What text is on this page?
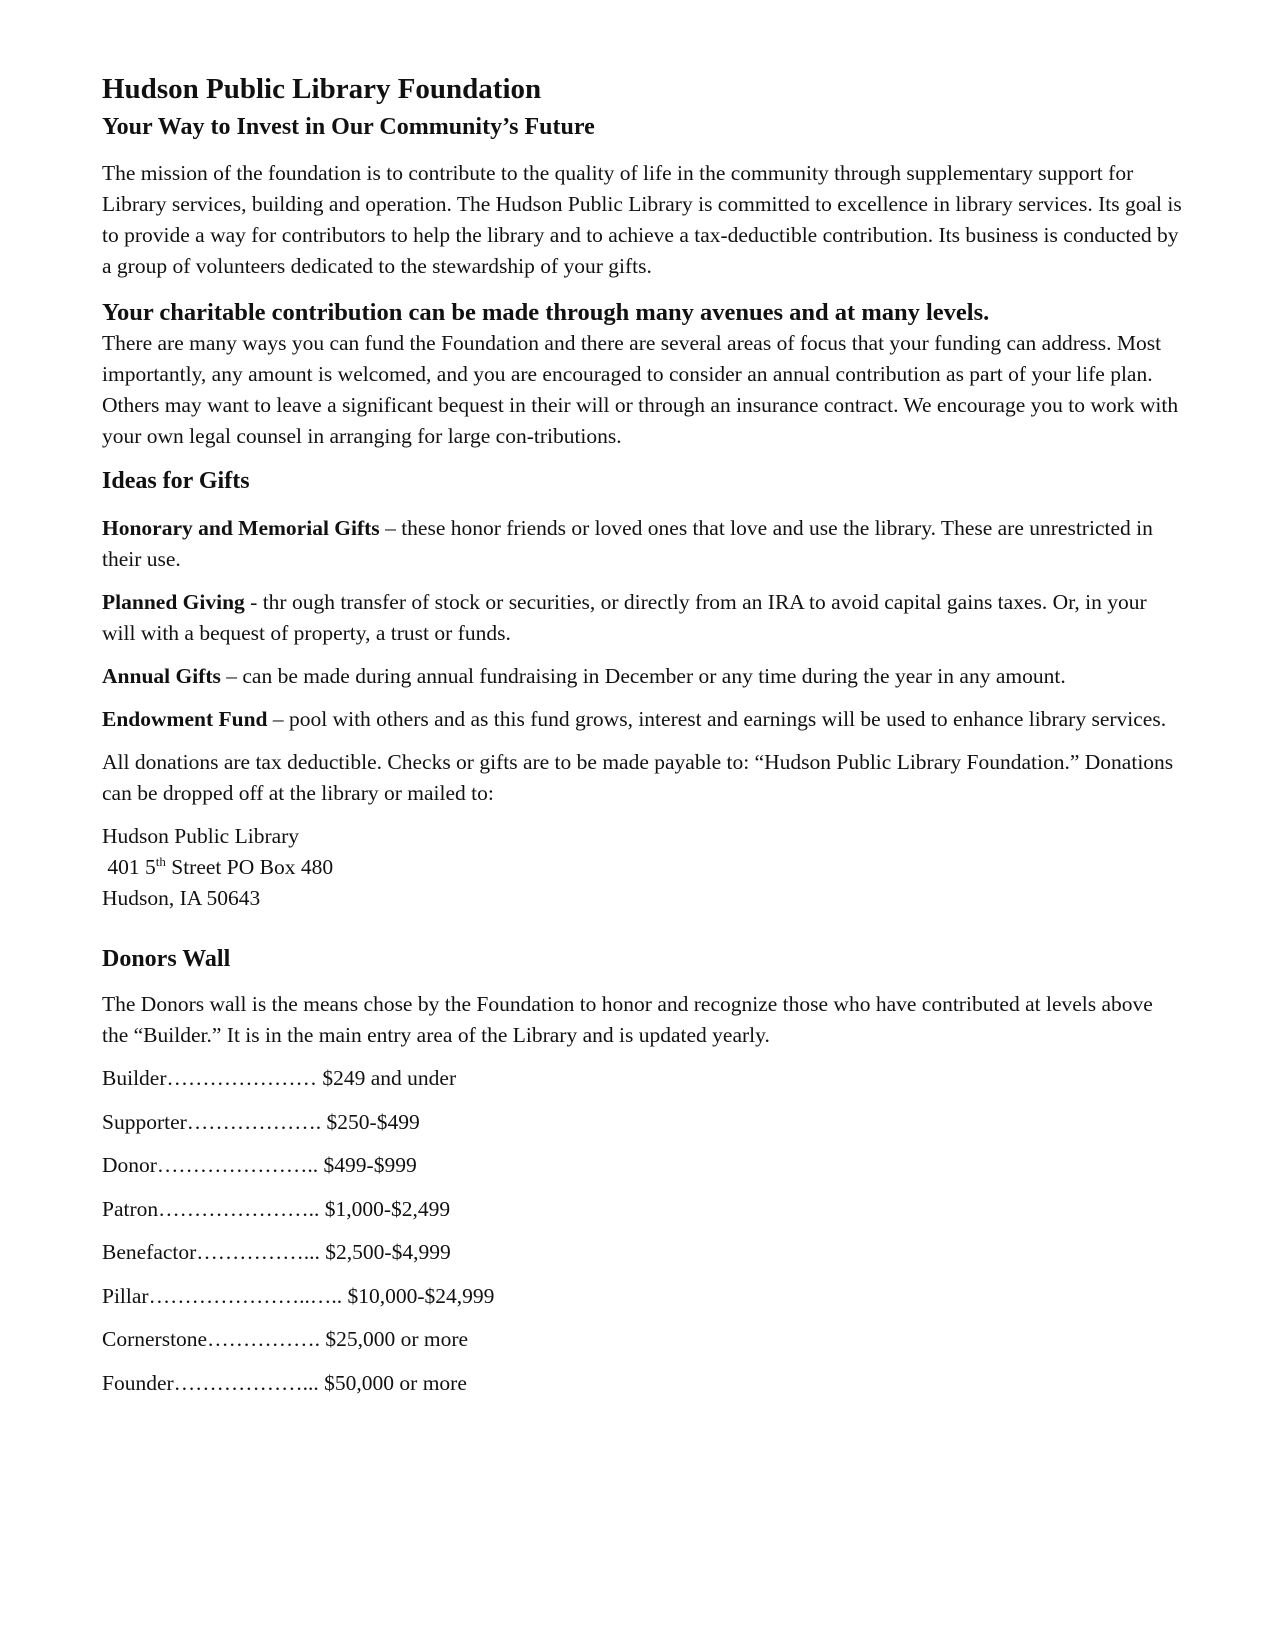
Hudson Public Library Foundation
Your Way to Invest in Our Community’s Future

The mission of the foundation is to contribute to the quality of life in the community through supplementary support for Library services, building and operation. The Hudson Public Library is committed to excellence in library services. Its goal is to provide a way for contributors to help the library and to achieve a tax-deductible contribution. Its business is conducted by a group of volunteers dedicated to the stewardship of your gifts.

Your charitable contribution can be made through many avenues and at many levels.

There are many ways you can fund the Foundation and there are several areas of focus that your funding can address. Most importantly, any amount is welcomed, and you are encouraged to consider an annual contribution as part of your life plan. Others may want to leave a significant bequest in their will or through an insurance contract. We encourage you to work with your own legal counsel in arranging for large con-tributions.

Ideas for Gifts

Honorary and Memorial Gifts – these honor friends or loved ones that love and use the library. These are unrestricted in their use.

Planned Giving - thr ough transfer of stock or securities, or directly from an IRA to avoid capital gains taxes. Or, in your will with a bequest of property, a trust or funds.

Annual Gifts – can be made during annual fundraising in December or any time during the year in any amount.

Endowment Fund – pool with others and as this fund grows, interest and earnings will be used to enhance library services.

All donations are tax deductible. Checks or gifts are to be made payable to: “Hudson Public Library Foundation.” Donations can be dropped off at the library or mailed to:

Hudson Public Library
401 5th Street PO Box 480
Hudson, IA 50643
Donors Wall

The Donors wall is the means chose by the Foundation to honor and recognize those who have contributed at levels above the “Builder.” It is in the main entry area of the Library and is updated yearly.

Builder………………… $249 and under
Supporter………………. $250-$499
Donor………………….. $499-$999
Patron………………….. $1,000-$2,499
Benefactor……………... $2,500-$4,999
Pillar…………………..….. $10,000-$24,999
Cornerstone……………. $25,000 or more
Founder………………... $50,000 or more
